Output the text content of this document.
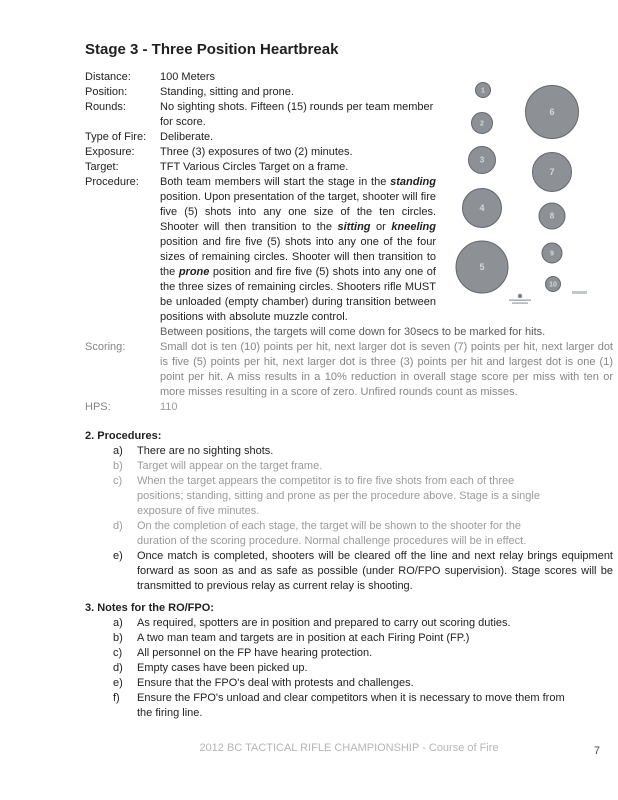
Stage 3 - Three Position Heartbreak
1
2
3
4
5
6
7
8
9
10
Distance:	100 Meters
Position:	Standing, sitting and prone.
Rounds:	No sighting shots. Fifteen (15) rounds per team member for score.
Type of Fire:	Deliberate.
Exposure:	Three (3) exposures of two (2) minutes.
Target:	TFT Various Circles Target on a frame.
Procedure:	Both team members will start the stage in the standing position. Upon presentation of the target, shooter will fire five (5) shots into any one size of the ten circles. Shooter will then transition to the sitting or kneeling position and fire five (5) shots into any one of the four sizes of remaining circles. Shooter will then transition to the prone position and fire five (5) shots into any one of the three sizes of remaining circles. Shooters rifle MUST be unloaded (empty chamber) during transition between positions with absolute muzzle control.
Between positions, the targets will come down for 30secs to be marked for hits.
Scoring:	Small dot is ten (10) points per hit, next larger dot is seven (7) points per hit, next larger dot is five (5) points per hit, next larger dot is three (3) points per hit and largest dot is one (1) point per hit. A miss results in a 10% reduction in overall stage score per miss with ten or more misses resulting in a score of zero. Unfired rounds count as misses.
HPS:	110
2. Procedures:
a)	There are no sighting shots.
b)	Target will appear on the target frame.
c)	When the target appears the competitor is to fire five shots from each of three positions; standing, sitting and prone as per the procedure above. Stage is a single exposure of five minutes.
d)	On the completion of each stage, the target will be shown to the shooter for the duration of the scoring procedure. Normal challenge procedures will be in effect.
e)	Once match is completed, shooters will be cleared off the line and next relay brings equipment forward as soon as and as safe as possible (under RO/FPO supervision). Stage scores will be transmitted to previous relay as current relay is shooting.
3. Notes for the RO/FPO:
a)	As required, spotters are in position and prepared to carry out scoring duties.
b)	A two man team and targets are in position at each Firing Point (FP.)
c)	All personnel on the FP have hearing protection.
d)	Empty cases have been picked up.
e)	Ensure that the FPO's deal with protests and challenges.
f)	Ensure the FPO's unload and clear competitors when it is necessary to move them from the firing line.
2012 BC TACTICAL RIFLE CHAMPIONSHIP - Course of Fire	7
